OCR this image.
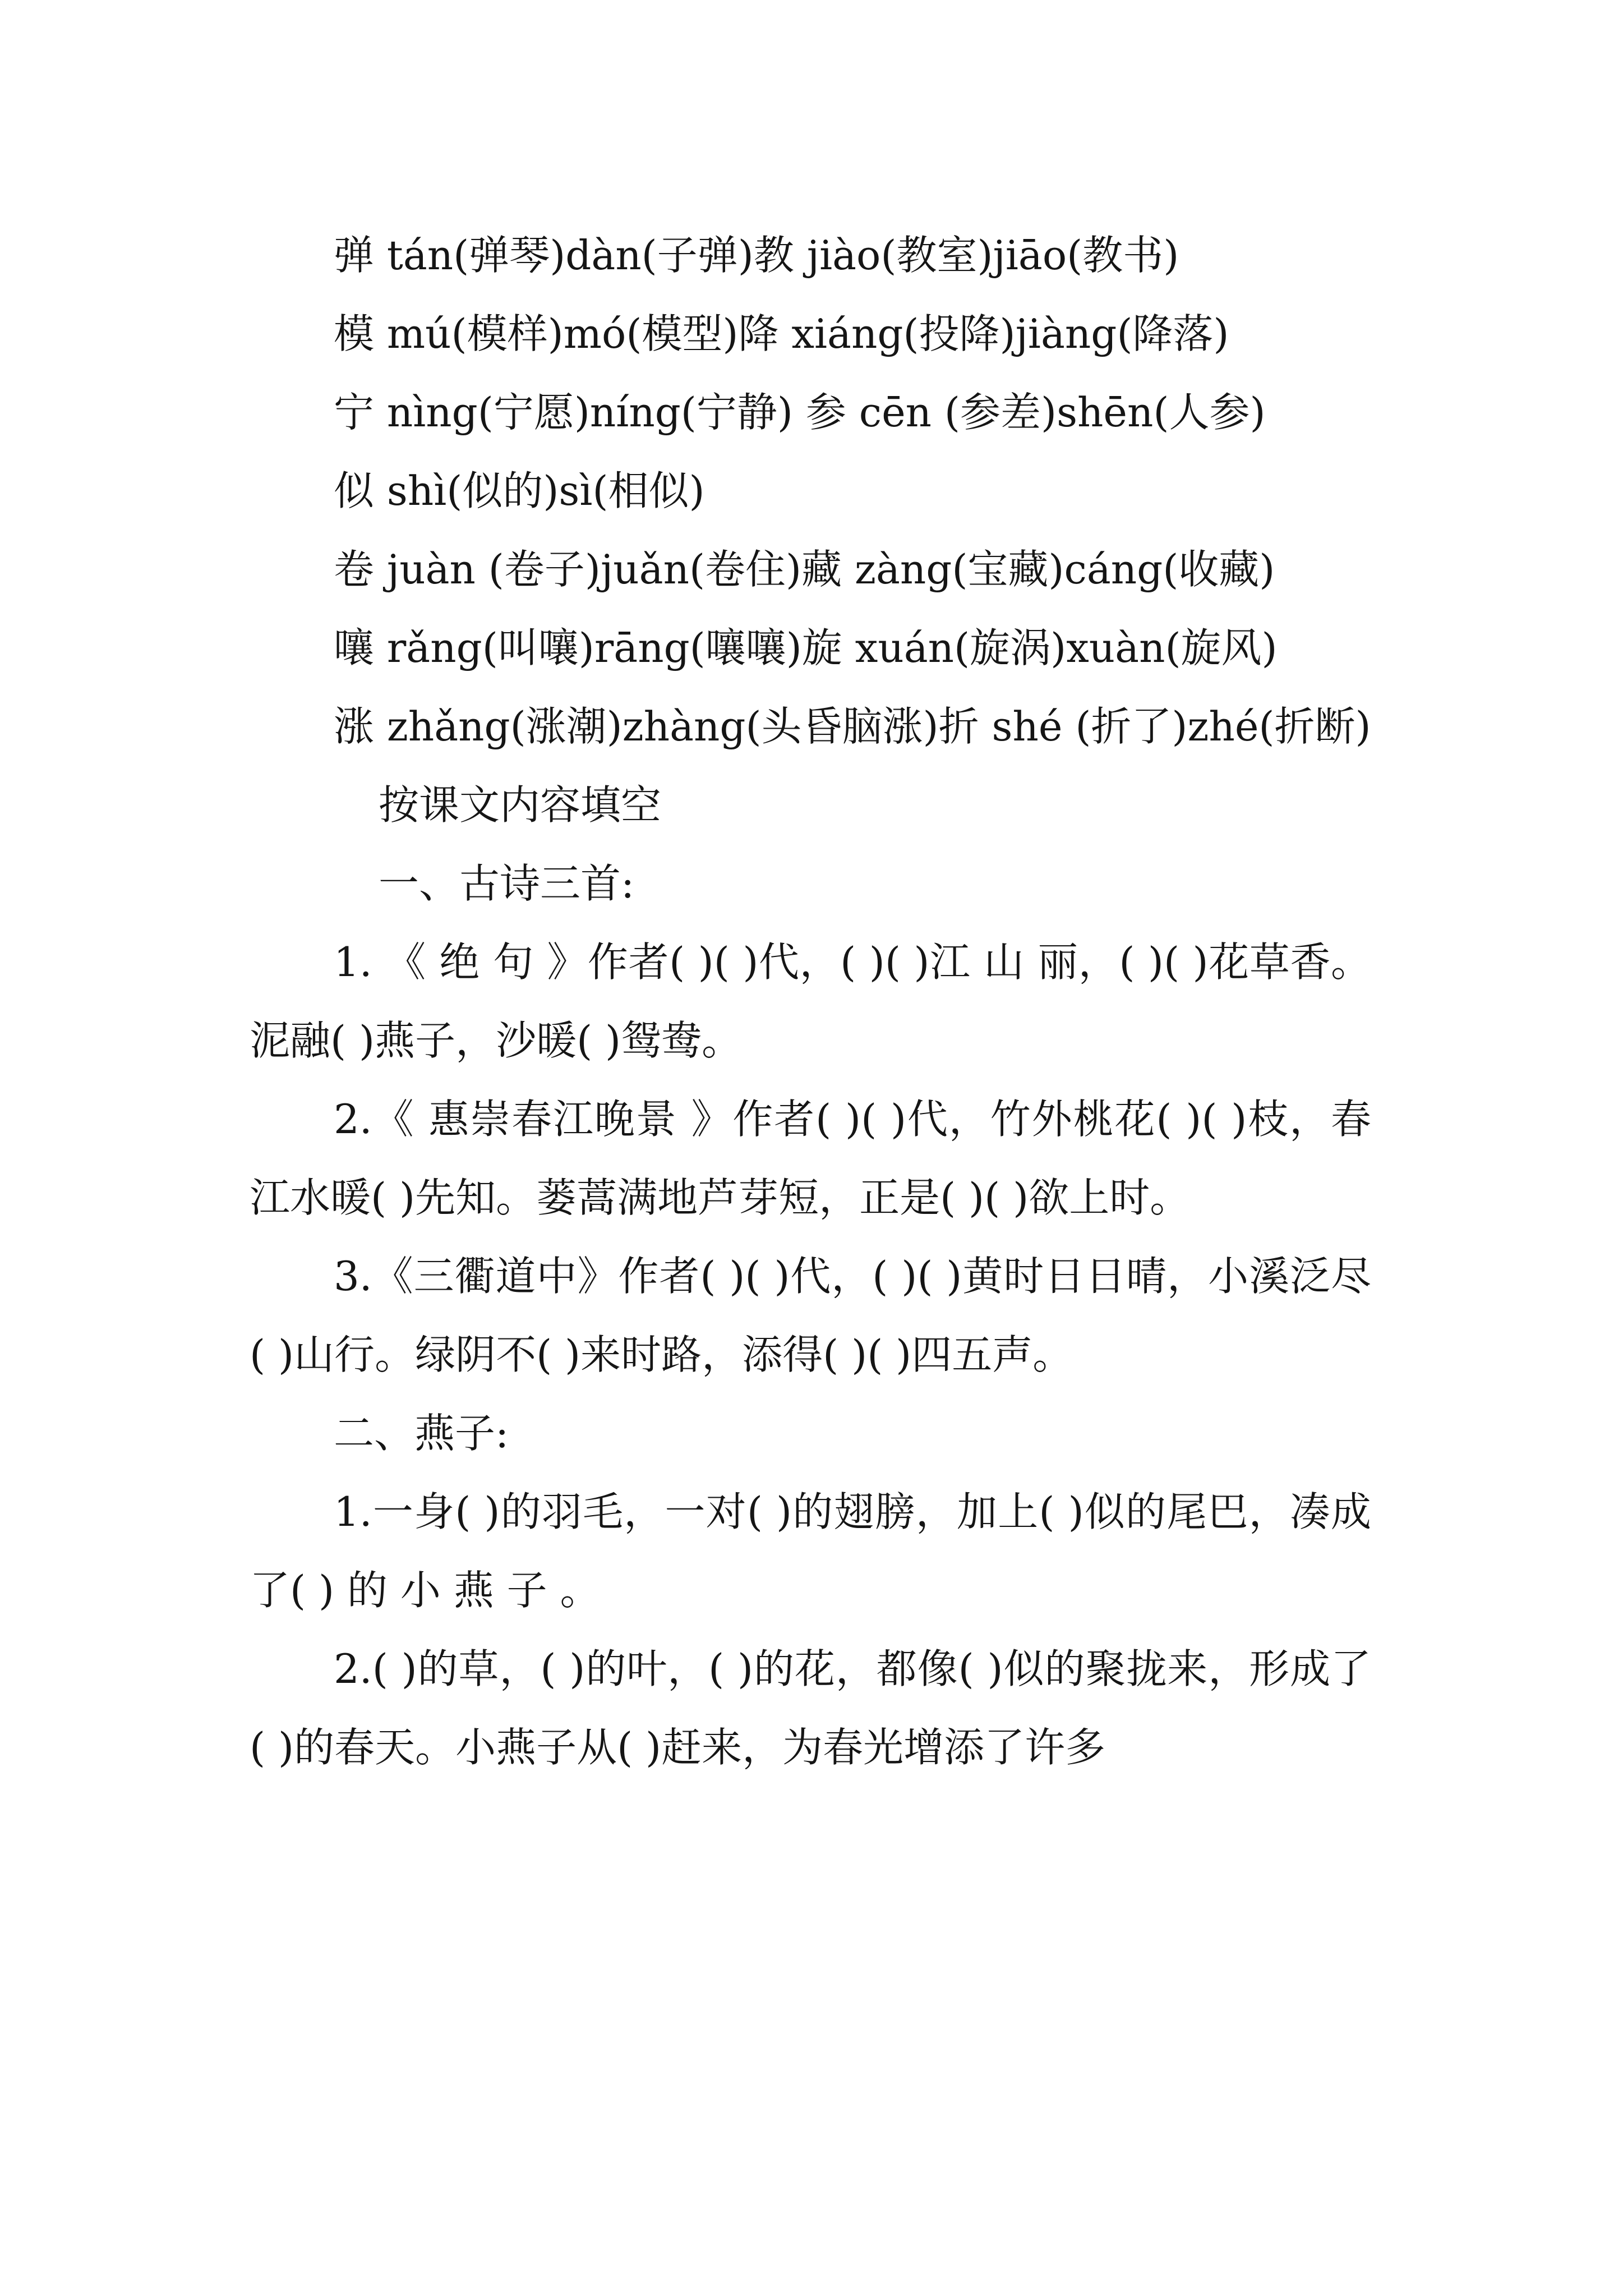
弹 tán(弹琴)dàn(子弹)教 jiào(教室)jiāo(教书)

模 mú(模样)mó(模型)降 xiáng(投降)jiàng(降落)

宁 nìng(宁愿)níng(宁静) 参 cēn (参差)shēn(人参)

似 shì(似的)sì(相似)

卷 juàn (卷子)juǎn(卷住)藏 zàng(宝藏)cáng(收藏)

嚷 rǎng(叫嚷)rāng(嚷嚷)旋 xuán(旋涡)xuàn(旋风)

涨 zhǎng(涨潮)zhàng(头昏脑涨)折 shé (折了)zhé(折断)

按课文内容填空

一、古诗三首:

1. 《 绝 句 》作者( )( )代，( )( )江 山 丽，( )( )花草香。泥融( )燕子，沙暖( )鸳鸯。

2.《 惠崇春江晚景 》作者( )( )代，竹外桃花( )( )枝，春江水暖( )先知。蒌蒿满地芦芽短，正是( )( )欲上时。

3.《三衢道中》作者( )( )代，( )( )黄时日日晴，小溪泛尽( )山行。绿阴不( )来时路，添得( )( )四五声。

二、燕子:

1.一身( )的羽毛，一对( )的翅膀，加上( )似的尾巴，凑成了( ) 的 小 燕 子 。

2.( )的草，( )的叶，( )的花，都像( )似的聚拢来，形成了( )的春天。小燕子从( )赶来，为春光增添了许多
